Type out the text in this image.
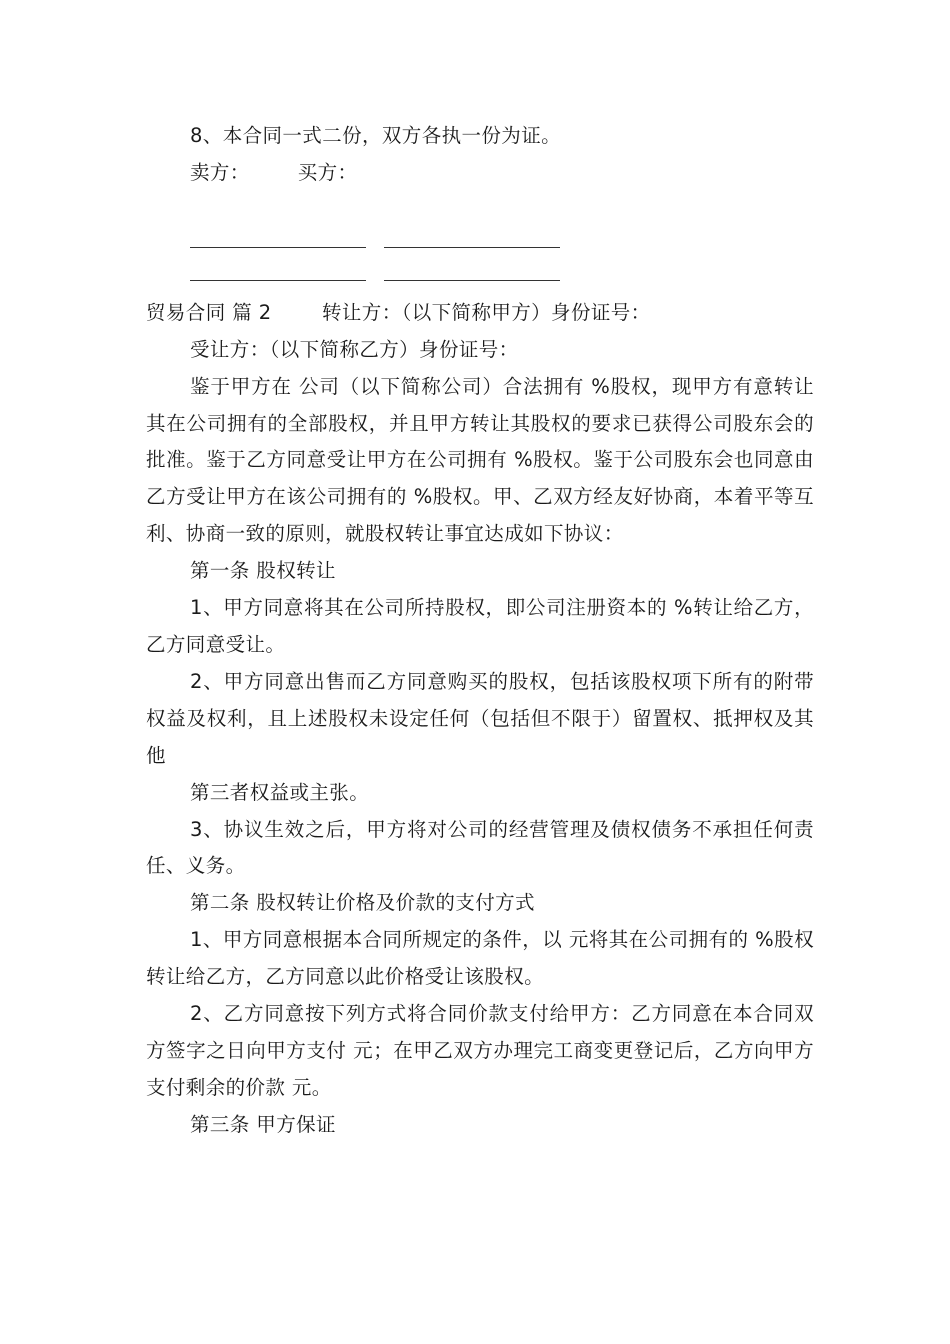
8、本合同一式二份，双方各执一份为证。

卖方： 买方：
贸易合同 篇 2	转让方：（以下简称甲方）身份证号：

受让方：（以下简称乙方）身份证号：

鉴于甲方在 公司（以下简称公司）合法拥有 %股权，现甲方有意转让其在公司拥有的全部股权，并且甲方转让其股权的要求已获得公司股东会的批准。鉴于乙方同意受让甲方在公司拥有 %股权。鉴于公司股东会也同意由乙方受让甲方在该公司拥有的 %股权。甲、乙双方经友好协商，本着平等互利、协商一致的原则，就股权转让事宜达成如下协议：

第一条 股权转让

1、甲方同意将其在公司所持股权，即公司注册资本的 %转让给乙方，乙方同意受让。

2、甲方同意出售而乙方同意购买的股权，包括该股权项下所有的附带权益及权利，且上述股权未设定任何（包括但不限于）留置权、抵押权及其他

第三者权益或主张。

3、协议生效之后，甲方将对公司的经营管理及债权债务不承担任何责任、义务。

第二条 股权转让价格及价款的支付方式

1、甲方同意根据本合同所规定的条件，以 元将其在公司拥有的 %股权转让给乙方，乙方同意以此价格受让该股权。

2、乙方同意按下列方式将合同价款支付给甲方：乙方同意在本合同双方签字之日向甲方支付 元；在甲乙双方办理完工商变更登记后，乙方向甲方支付剩余的价款 元。

第三条 甲方保证
